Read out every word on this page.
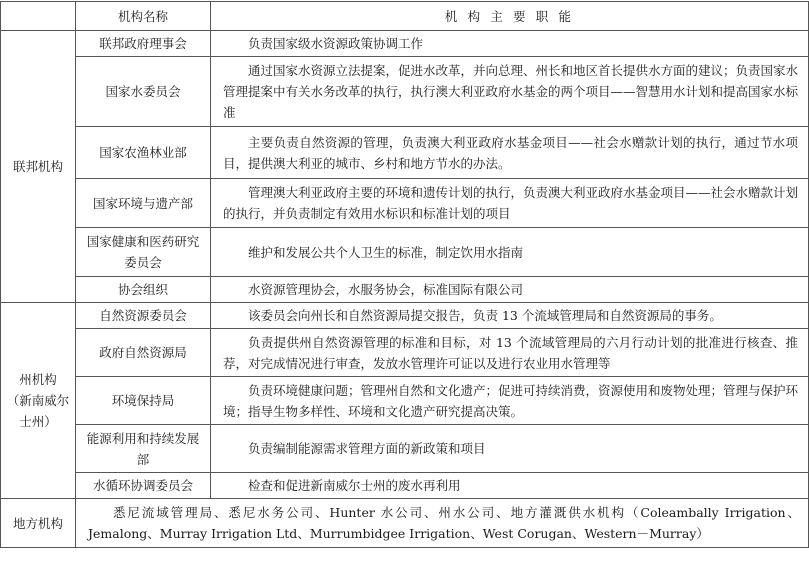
	机构名称	机 构 主 要 职 能
联邦机构	联邦政府理事会	负责国家级水资源政策协调工作

	国家水委员会	通过国家水资源立法提案，促进水改革，并向总理、州长和地区首长提供水方面的建议；负责国家水管理提案中有关水务改革的执行，执行澳大利亚政府水基金的两个项目——智慧用水计划和提高国家水标准

	国家农渔林业部	主要负责自然资源的管理，负责澳大利亚政府水基金项目——社会水赠款计划的执行，通过节水项目，提供澳大利亚的城市、乡村和地方节水的办法。

	国家环境与遗产部	管理澳大利亚政府主要的环境和遗传计划的执行，负责澳大利亚政府水基金项目——社会水赠款计划的执行，并负责制定有效用水标识和标准计划的项目

	国家健康和医药研究委员会	维护和发展公共个人卫生的标准，制定饮用水指南

	协会组织	水资源管理协会，水服务协会，标准国际有限公司

州机构
（新南威尔
士州）	自然资源委员会	该委员会向州长和自然资源局提交报告，负责 13 个流域管理局和自然资源局的事务。

	政府自然资源局	负责提供州自然资源管理的标准和目标，对 13 个流域管理局的六月行动计划的批准进行核查、推荐，对完成情况进行审查，发放水管理许可证以及进行农业用水管理等

	环境保持局	负责环境健康问题；管理州自然和文化遗产；促进可持续消费，资源使用和废物处理；管理与保护环境；指导生物多样性、环境和文化遗产研究提高决策。

	能源利用和持续发展部	负责编制能源需求管理方面的新政策和项目

	水循环协调委员会	检查和促进新南威尔士州的废水再利用

地方机构	悉尼流域管理局、悉尼水务公司、Hunter 水公司、州水公司、地方灌溉供水机构（Coleambally Irrigation、Jemalong、Murray Irrigation Ltd、Murrumbidgee Irrigation、West Corugan、Western－Murray）	
